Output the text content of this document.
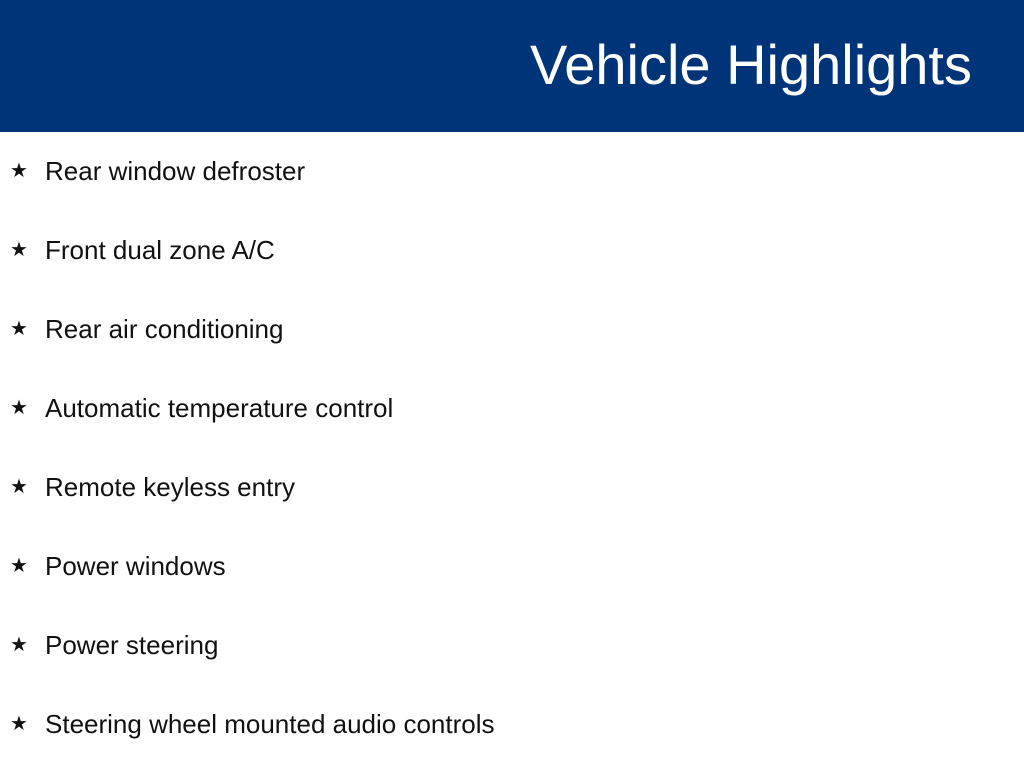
Vehicle Highlights
★ Rear window defroster
★ Front dual zone A/C
★ Rear air conditioning
★ Automatic temperature control
★ Remote keyless entry
★ Power windows
★ Power steering
★ Steering wheel mounted audio controls
